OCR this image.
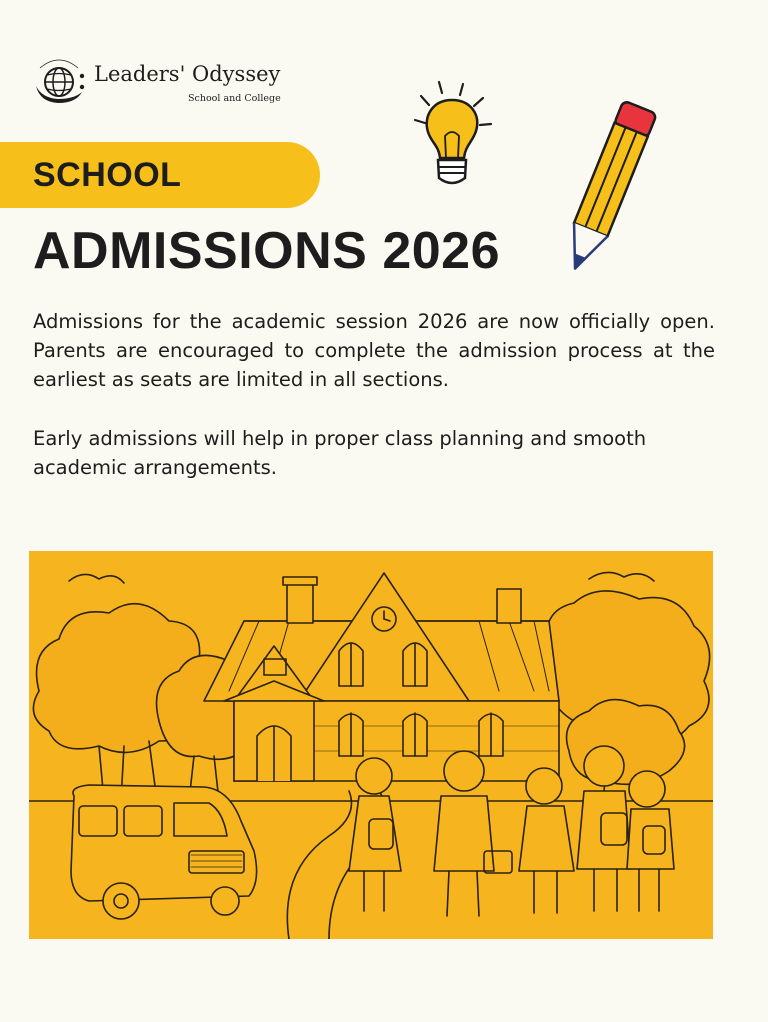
Leaders' Odyssey
School and College
SCHOOL
ADMISSIONS 2026

Admissions for the academic session 2026 are now officially open. Parents are encouraged to complete the admission process at the earliest as seats are limited in all sections.

Early admissions will help in proper class planning and smooth academic arrangements.
